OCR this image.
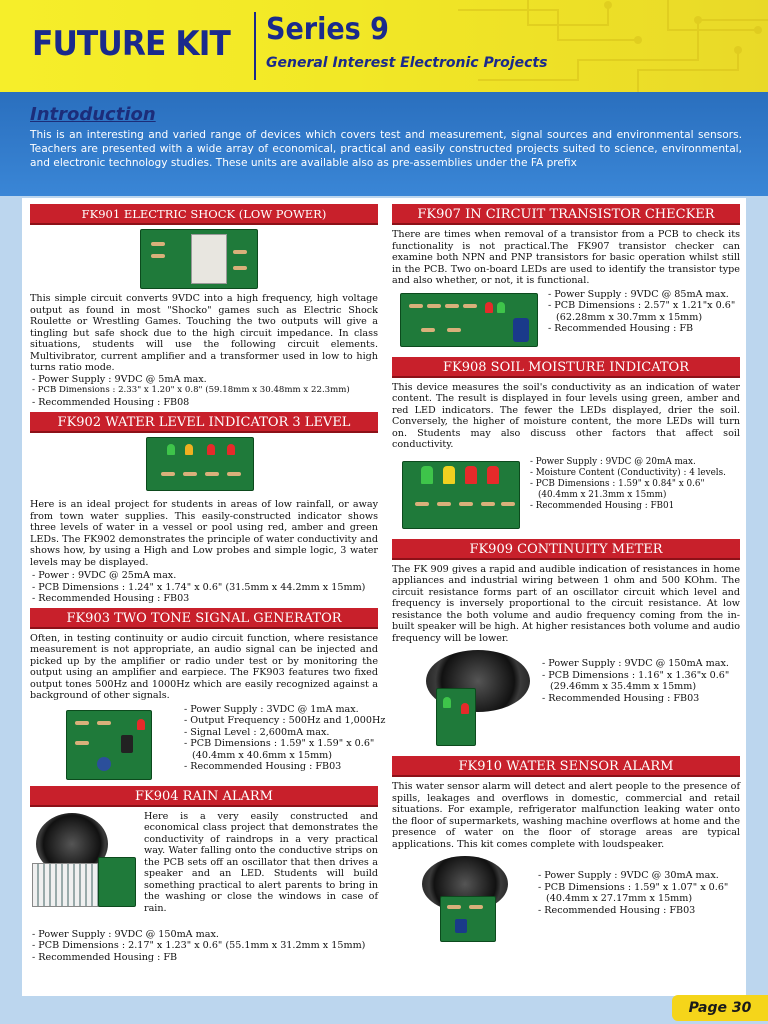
FUTURE KIT Series 9
General Interest Electronic Projects
Introduction
This is an interesting and varied range of devices which covers test and measurement, signal sources and environmental sensors. Teachers are presented with a wide array of economical, practical and easily constructed projects suited to science, environmental, and electronic technology studies. These units are available also as pre-assemblies under the FA prefix
FK901 ELECTRIC SHOCK (LOW POWER)

This simple circuit converts 9VDC into a high frequency, high voltage output as found in most "Shocko" games such as Electric Shock Roulette or Wrestling Games. Touching the two outputs will give a tingling but safe shock due to the high circuit impedance. In class situations, students will use the following circuit elements. Multivibrator, current amplifier and a transformer used in low to high turns ratio mode.

- Power Supply : 9VDC @ 5mA max.
- PCB Dimensions : 2.33" x 1.20" x 0.8" (59.18mm x 30.48mm x 22.3mm)
- Recommended Housing : FB08
FK902 WATER LEVEL INDICATOR 3 LEVEL

Here is an ideal project for students in areas of low rainfall, or away from town water supplies. This easily-constructed indicator shows three levels of water in a vessel or pool using red, amber and green LEDs. The FK902 demonstrates the principle of water conductivity and shows how, by using a High and Low probes and simple logic, 3 water levels may be displayed.

- Power : 9VDC @ 25mA max.
- PCB Dimensions : 1.24" x 1.74" x 0.6" (31.5mm x 44.2mm x 15mm)
- Recommended Housing : FB03
FK903 TWO TONE SIGNAL GENERATOR

Often, in testing continuity or audio circuit function, where resistance measurement is not appropriate, an audio signal can be injected and picked up by the amplifier or radio under test or by monitoring the output using an amplifier and earpiece. The FK903 features two fixed output tones 500Hz and 1000Hz which are easily recognized against a background of other signals.

- Power Supply : 3VDC @ 1mA max.
- Output Frequency : 500Hz and 1,000Hz
- Signal Level : 2,600mA max.
- PCB Dimensions : 1.59" x 1.59" x 0.6"
(40.4mm x 40.6mm x 15mm)
- Recommended Housing : FB03
FK904 RAIN ALARM

Here is a very easily constructed and economical class project that demonstrates the conductivity of raindrops in a very practical way. Water falling onto the conductive strips on the PCB sets off an oscillator that then drives a speaker and an LED. Students will build something practical to alert parents to bring in the washing or close the windows in case of rain.

- Power Supply : 9VDC @ 150mA max.
- PCB Dimensions : 2.17" x 1.23" x 0.6" (55.1mm x 31.2mm x 15mm)
- Recommended Housing : FB
FK907 IN CIRCUIT TRANSISTOR CHECKER

There are times when removal of a transistor from a PCB to check its functionality is not practical.The FK907 transistor checker can examine both NPN and PNP transistors for basic operation whilst still in the PCB. Two on-board LEDs are used to identify the transistor type and also whether, or not, it is functional.

- Power Supply : 9VDC @ 85mA max.
- PCB Dimensions : 2.57" x 1.21"x 0.6"
(62.28mm x 30.7mm x 15mm)
- Recommended Housing : FB
FK908 SOIL MOISTURE INDICATOR

This device measures the soil's conductivity as an indication of water content. The result is displayed in four levels using green, amber and red LED indicators. The fewer the LEDs displayed, drier the soil. Conversely, the higher of moisture content, the more LEDs will turn on. Students may also discuss other factors that affect soil conductivity.

- Power Supply : 9VDC @ 20mA max.
- Moisture Content (Conductivity) : 4 levels.
- PCB Dimensions : 1.59" x 0.84" x 0.6"
(40.4mm x 21.3mm x 15mm)
- Recommended Housing : FB01
FK909 CONTINUITY METER

The FK 909 gives a rapid and audible indication of resistances in home appliances and industrial wiring between 1 ohm and 500 KOhm. The circuit resistance forms part of an oscillator circuit which level and frequency is inversely proportional to the circuit resistance. At low resistance the both volume and audio frequency coming from the in-built speaker will be high. At higher resistances both volume and audio frequency will be lower.

- Power Supply : 9VDC @ 150mA max.
- PCB Dimensions : 1.16" x 1.36"x 0.6"
(29.46mm x 35.4mm x 15mm)
- Recommended Housing : FB03
FK910 WATER SENSOR ALARM

This water sensor alarm will detect and alert people to the presence of spills, leakages and overflows in domestic, commercial and retail situations. For example, refrigerator malfunction leaking water onto the floor of supermarkets, washing machine overflows at home and the presence of water on the floor of storage areas are typical applications. This kit comes complete with loudspeaker.

- Power Supply : 9VDC @ 30mA max.
- PCB Dimensions : 1.59" x 1.07" x 0.6"
(40.4mm x 27.17mm x 15mm)
- Recommended Housing : FB03
Page 30
